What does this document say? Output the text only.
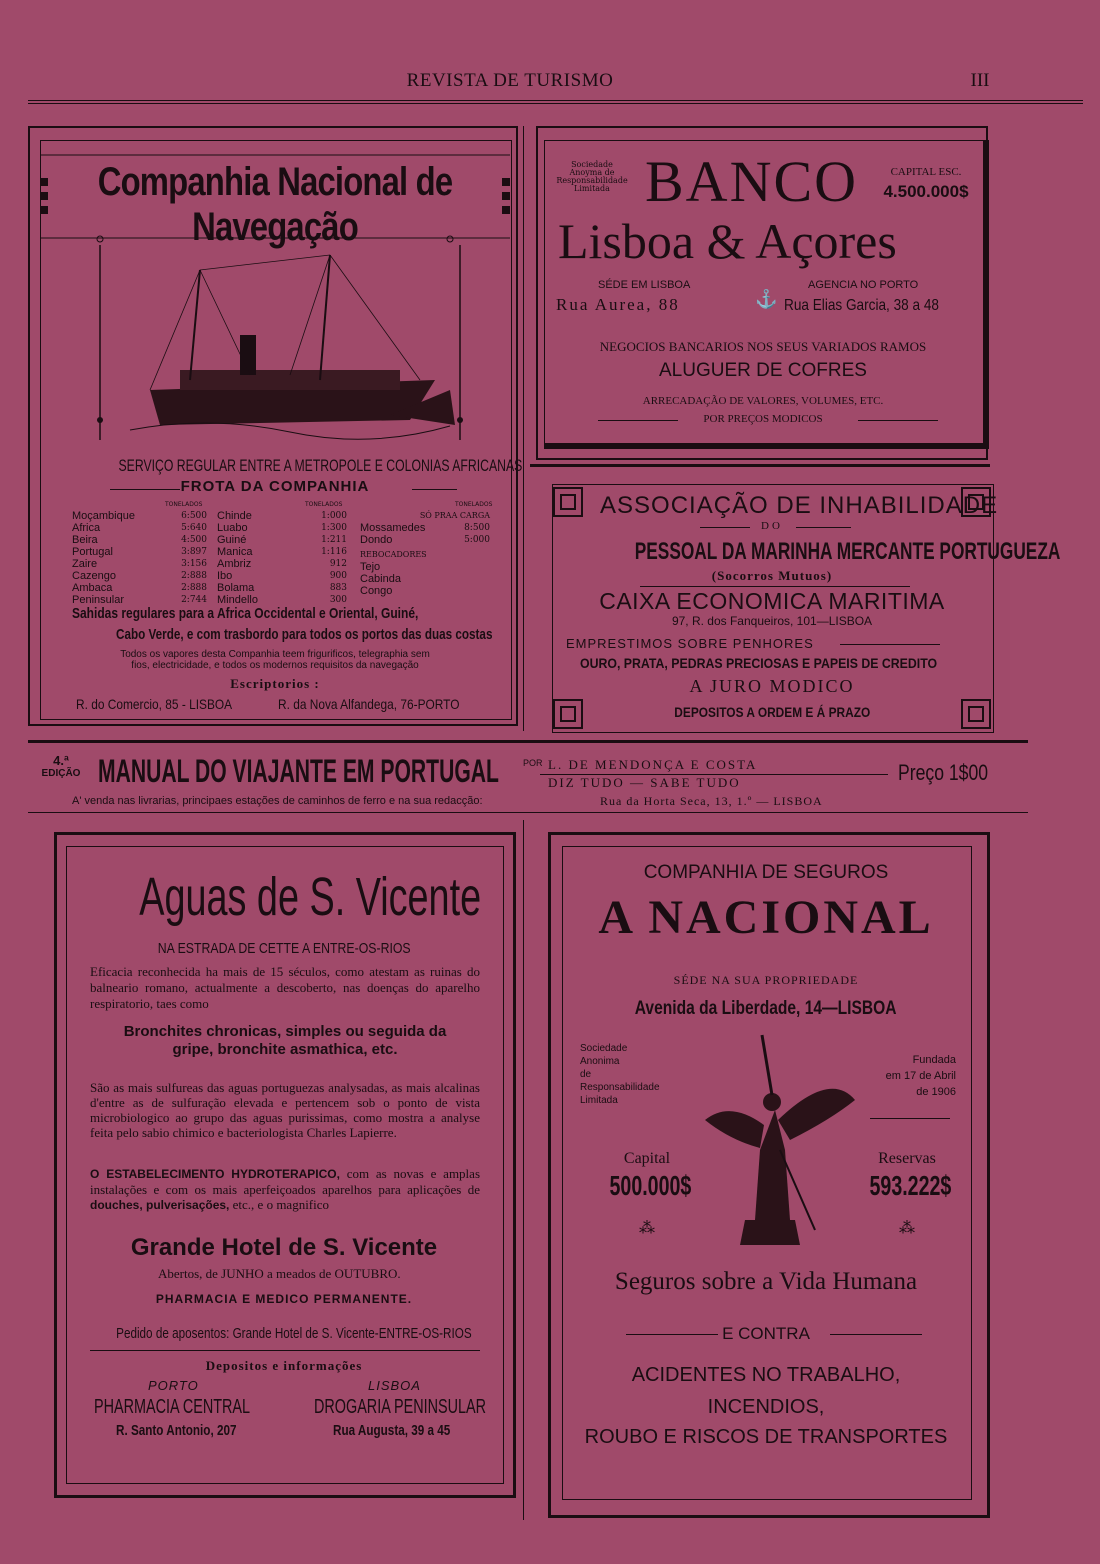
REVISTA DE TURISMO	III
Companhia Nacional de Navegação
SERVIÇO REGULAR ENTRE A METROPOLE E COLONIAS AFRICANAS
FROTA DA COMPANHIA
TONELADOS	TONELADOS	TONELADOS
Moçambique	6:500
Africa	5:640
Beira	4:500
Portugal	3:897
Zaire	3:156
Cazengo	2:888
Ambaca	2:888
Peninsular	2:744
Chinde	1:000
Luabo	1:300
Guiné	1:211
Manica	1:116
Ambriz	912
Ibo	900
Bolama	883
Mindello	300
SÓ PRAA CARGA
Mossamedes	8:500
Dondo	5:000
REBOCADORES
Tejo
Cabinda
Congo
Sahidas regulares para a Africa Occidental e Oriental, Guiné,
Cabo Verde, e com trasbordo para todos os portos das duas costas
Todos os vapores desta Companhia teem frigurificos, telegraphia sem
fios, electricidade, e todos os modernos requisitos da navegação
Escriptorios :
R. do Comercio, 85 - LISBOA	R. da Nova Alfandega, 76-PORTO
Sociedade
Anoyma de
Responsabilidade
Limitada BANCO	CAPITAL ESC.
4.500.000$
Lisboa & Açores
SÉDE EM LISBOA	AGENCIA NO PORTO
Rua Aurea, 88	⚓ Rua Elias Garcia, 38 a 48
NEGOCIOS BANCARIOS NOS SEUS VARIADOS RAMOS
ALUGUER DE COFRES
ARRECADAÇÃO DE VALORES, VOLUMES, ETC.
POR PREÇOS MODICOS
ASSOCIAÇÃO DE INHABILIDADE
DO
PESSOAL DA MARINHA MERCANTE PORTUGUEZA
(Socorros Mutuos)
CAIXA ECONOMICA MARITIMA
97, R. dos Fanqueiros, 101—LISBOA
EMPRESTIMOS SOBRE PENHORES
OURO, PRATA, PEDRAS PRECIOSAS E PAPEIS DE CREDITO
A JURO MODICO
DEPOSITOS A ORDEM E Á PRAZO
4.ª
EDIÇÃO MANUAL DO VIAJANTE EM PORTUGAL	POR L. DE MENDONÇA E COSTA
DIZ TUDO — SABE TUDO	Preço 1$00
A' venda nas livrarias, principaes estações de caminhos de ferro e na sua redacção:	Rua da Horta Seca, 13, 1.º — LISBOA
Aguas de S. Vicente
NA ESTRADA DE CETTE A ENTRE-OS-RIOS
Eficacia reconhecida ha mais de 15 séculos, como atestam as ruinas do balneario romano, actualmente a descoberto, nas doenças do aparelho respiratorio, taes como
Bronchites chronicas, simples ou seguida da gripe, bronchite asmathica, etc.
São as mais sulfureas das aguas portuguezas analysadas, as mais alcalinas d'entre as de sulfuração elevada e pertencem sob o ponto de vista microbiologico ao grupo das aguas purissimas, como mostra a analyse feita pelo sabio chimico e bacteriologista Charles Lapierre.
O ESTABELECIMENTO HYDROTERAPICO, com as novas e amplas instalações e com os mais aperfeiçoados aparelhos para aplicações de douches, pulverisações, etc., e o magnifico
Grande Hotel de S. Vicente
Abertos, de JUNHO a meados de OUTUBRO.
PHARMACIA E MEDICO PERMANENTE.
Pedido de aposentos: Grande Hotel de S. Vicente-ENTRE-OS-RIOS
Depositos e informações
PORTO	LISBOA
PHARMACIA CENTRAL	DROGARIA PENINSULAR
R. Santo Antonio, 207	Rua Augusta, 39 a 45
COMPANHIA DE SEGUROS
A NACIONAL
SÉDE NA SUA PROPRIEDADE
Avenida da Liberdade, 14—LISBOA
Sociedade
Anonima
de
Responsabilidade
Limitada
Fundada
em 17 de Abril
de 1906
Capital
500.000$
Reservas
593.222$
⁂	⁂
Seguros sobre a Vida Humana
E CONTRA
ACIDENTES NO TRABALHO,
INCENDIOS,
ROUBO E RISCOS DE TRANSPORTES
